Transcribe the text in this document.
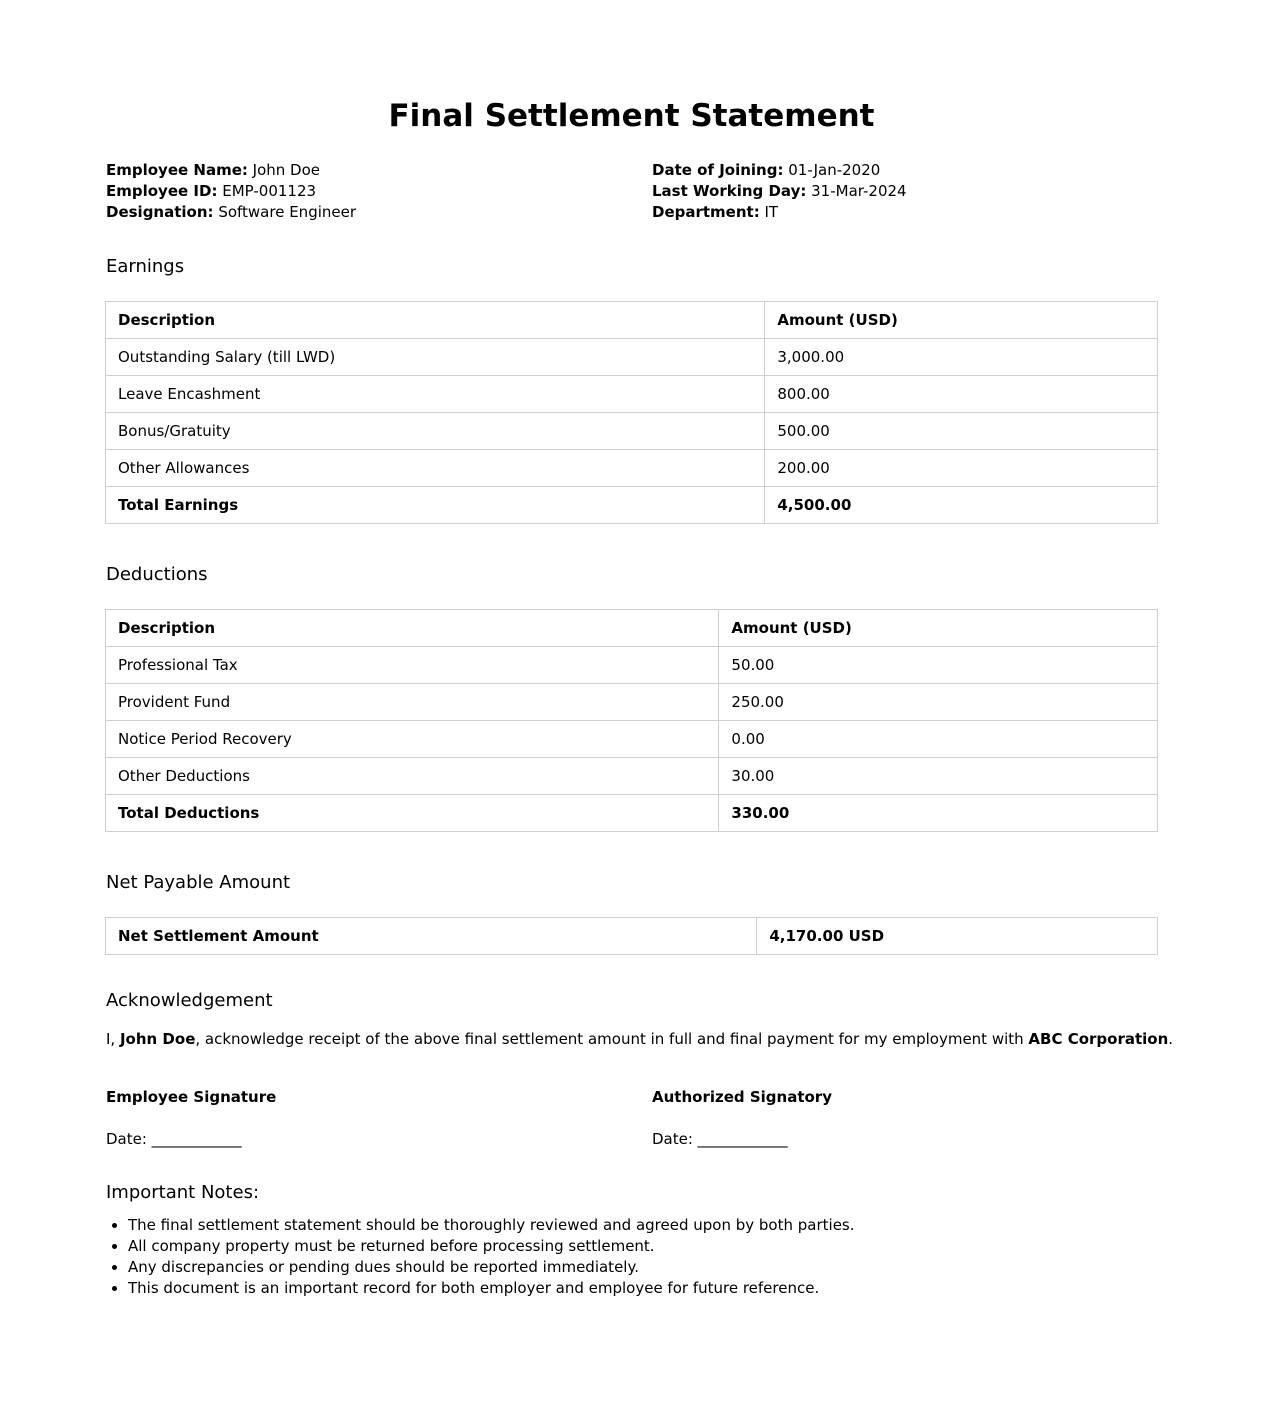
Final Settlement Statement
Employee Name: John Doe
Employee ID: EMP-001123
Designation: Software Engineer
Date of Joining: 01-Jan-2020
Last Working Day: 31-Mar-2024
Department: IT
Earnings
Description	Amount (USD)
Outstanding Salary (till LWD)	3,000.00
Leave Encashment	800.00
Bonus/Gratuity	500.00
Other Allowances	200.00
Total Earnings	4,500.00
Deductions
Description	Amount (USD)
Professional Tax	50.00
Provident Fund	250.00
Notice Period Recovery	0.00
Other Deductions	30.00
Total Deductions	330.00
Net Payable Amount
Net Settlement Amount	4,170.00 USD
Acknowledgement
I, John Doe, acknowledge receipt of the above final settlement amount in full and final payment for my employment with ABC Corporation.
Employee Signature
Date: ____________
Authorized Signatory
Date: ____________
Important Notes:
• The final settlement statement should be thoroughly reviewed and agreed upon by both parties.
• All company property must be returned before processing settlement.
• Any discrepancies or pending dues should be reported immediately.
• This document is an important record for both employer and employee for future reference.
